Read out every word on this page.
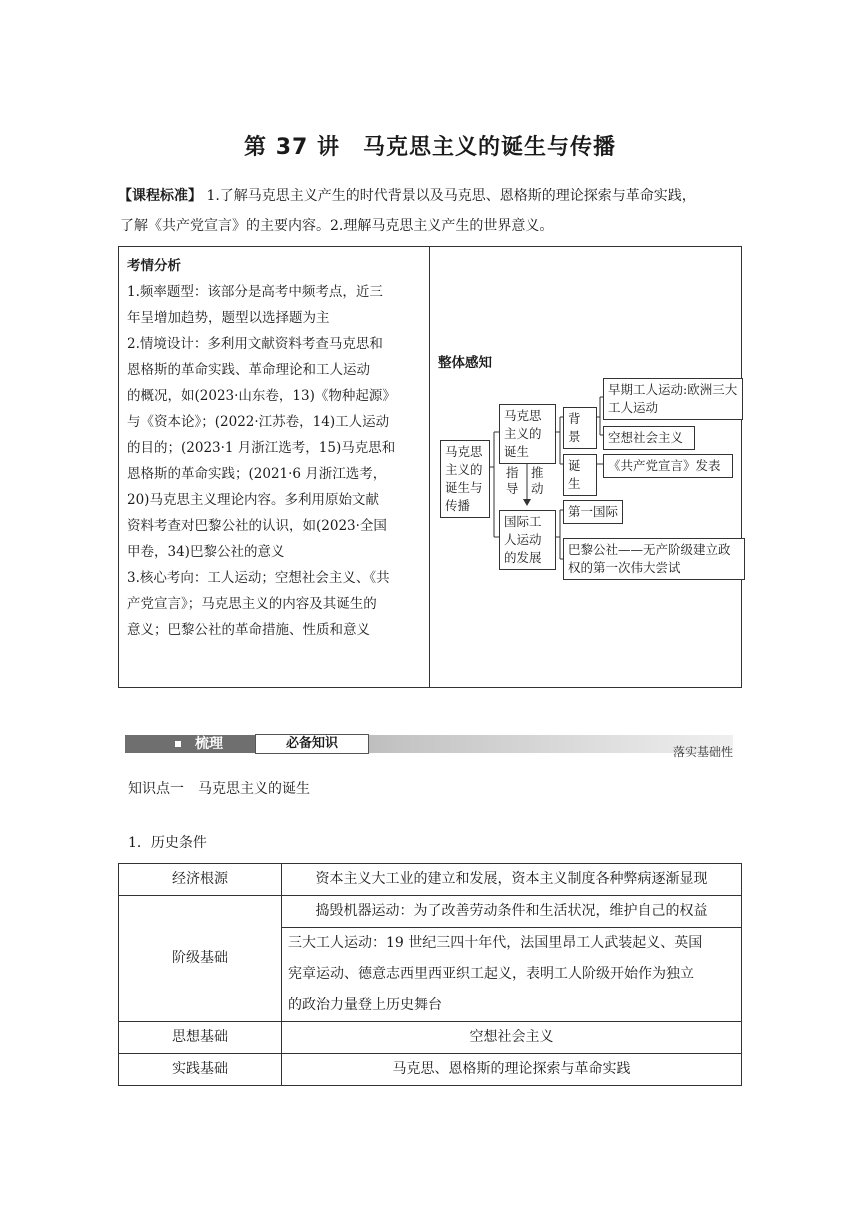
第 37 讲　马克思主义的诞生与传播
【课程标准】 1.了解马克思主义产生的时代背景以及马克思、恩格斯的理论探索与革命实践，
了解《共产党宣言》的主要内容。2.理解马克思主义产生的世界意义。

考情分析

1.频率题型：该部分是高考中频考点，近三

年呈增加趋势，题型以选择题为主

2.情境设计：多利用文献资料考查马克思和

恩格斯的革命实践、革命理论和工人运动

的概况，如(2023·山东卷，13)《物种起源》

与《资本论》；(2022·江苏卷，14)工人运动

的目的；(2023·1 月浙江选考，15)马克思和

恩格斯的革命实践；(2021·6 月浙江选考，

20)马克思主义理论内容。多利用原始文献

资料考查对巴黎公社的认识，如(2023·全国

甲卷，34)巴黎公社的意义

3.核心考向：工人运动；空想社会主义、《共

产党宣言》；马克思主义的内容及其诞生的

意义；巴黎公社的革命措施、性质和意义

整体感知
马克思主义的诞生与传播
马克思主义的诞生
指导
推动
国际工人运动的发展
背景
早期工人运动:欧洲三大工人运动
空想社会主义
诞生
《共产党宣言》发表
第一国际
巴黎公社——无产阶级建立政权的第一次伟大尝试
梳理	必备知识
落实基础性
知识点一　马克思主义的诞生
1．历史条件
经济根源	资本主义大工业的建立和发展，资本主义制度各种弊病逐渐显现
阶级基础	捣毁机器运动：为了改善劳动条件和生活状况，维护自己的权益

	三大工人运动：19 世纪三四十年代，法国里昂工人武装起义、英国
宪章运动、德意志西里西亚织工起义，表明工人阶级开始作为独立
的政治力量登上历史舞台

思想基础	空想社会主义
实践基础	马克思、恩格斯的理论探索与革命实践
